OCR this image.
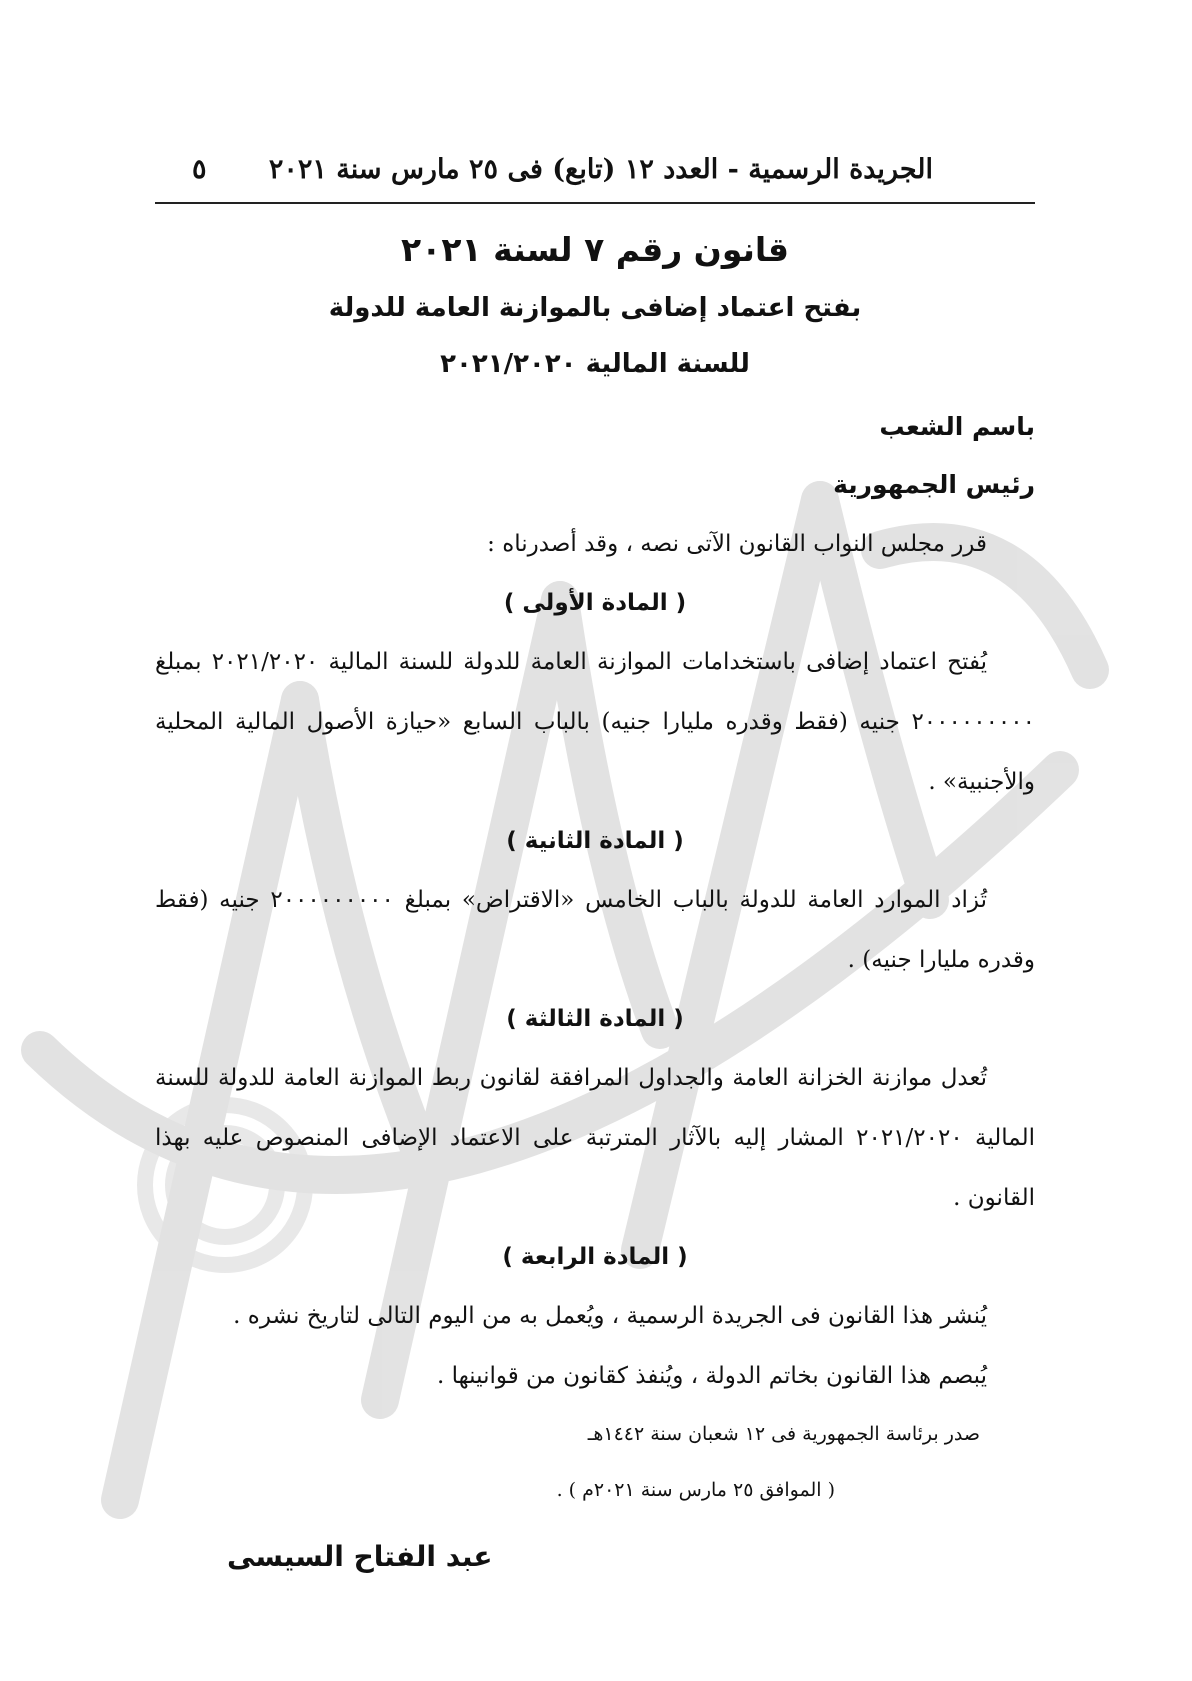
الجريدة الرسمية - العدد ١٢ (تابع) فى ٢٥ مارس سنة ٢٠٢١
٥
قانون رقم ٧ لسنة ٢٠٢١
بفتح اعتماد إضافى بالموازنة العامة للدولة
للسنة المالية ٢٠٢١/٢٠٢٠
باسم الشعب
رئيس الجمهورية
قرر مجلس النواب القانون الآتى نصه ، وقد أصدرناه :
( المادة الأولى )
يُفتح اعتماد إضافى باستخدامات الموازنة العامة للدولة للسنة المالية ٢٠٢١/٢٠٢٠ بمبلغ ٢٠٠٠٠٠٠٠٠٠ جنيه (فقط وقدره مليارا جنيه) بالباب السابع «حيازة الأصول المالية المحلية والأجنبية» .
( المادة الثانية )
تُزاد الموارد العامة للدولة بالباب الخامس «الاقتراض» بمبلغ ٢٠٠٠٠٠٠٠٠٠ جنيه (فقط وقدره مليارا جنيه) .
( المادة الثالثة )
تُعدل موازنة الخزانة العامة والجداول المرافقة لقانون ربط الموازنة العامة للدولة للسنة المالية ٢٠٢١/٢٠٢٠ المشار إليه بالآثار المترتبة على الاعتماد الإضافى المنصوص عليه بهذا القانون .
( المادة الرابعة )
يُنشر هذا القانون فى الجريدة الرسمية ، ويُعمل به من اليوم التالى لتاريخ نشره .
يُبصم هذا القانون بخاتم الدولة ، ويُنفذ كقانون من قوانينها .
صدر برئاسة الجمهورية فى ١٢ شعبان سنة ١٤٤٢هـ
( الموافق ٢٥ مارس سنة ٢٠٢١م ) .
عبد الفتاح السيسى
